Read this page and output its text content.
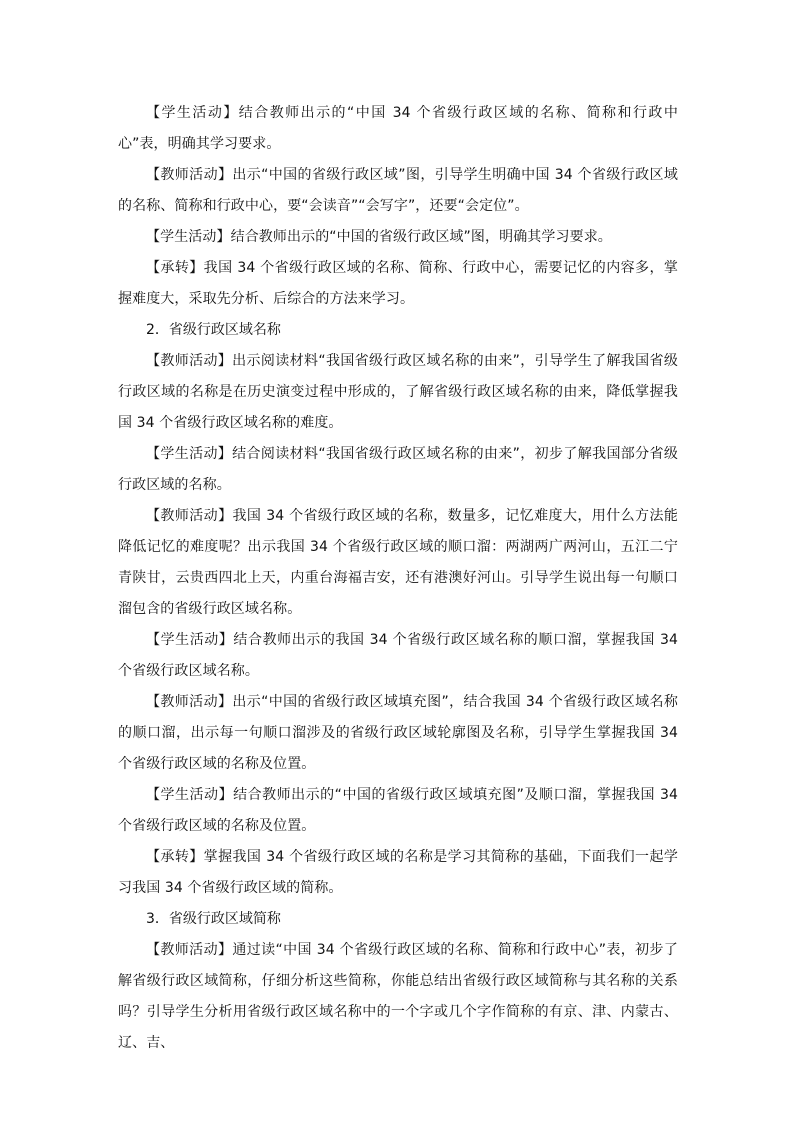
【学生活动】结合教师出示的“中国 34 个省级行政区域的名称、简称和行政中心”表，明确其学习要求。

【教师活动】出示“中国的省级行政区域”图，引导学生明确中国 34 个省级行政区域的名称、简称和行政中心，要“会读音”“会写字”，还要“会定位”。

【学生活动】结合教师出示的“中国的省级行政区域”图，明确其学习要求。

【承转】我国 34 个省级行政区域的名称、简称、行政中心，需要记忆的内容多，掌握难度大，采取先分析、后综合的方法来学习。

2．省级行政区域名称

【教师活动】出示阅读材料“我国省级行政区域名称的由来”，引导学生了解我国省级行政区域的名称是在历史演变过程中形成的，了解省级行政区域名称的由来，降低掌握我国 34 个省级行政区域名称的难度。

【学生活动】结合阅读材料“我国省级行政区域名称的由来”，初步了解我国部分省级行政区域的名称。

【教师活动】我国 34 个省级行政区域的名称，数量多，记忆难度大，用什么方法能降低记忆的难度呢？出示我国 34 个省级行政区域的顺口溜：两湖两广两河山，五江二宁青陕甘，云贵西四北上天，内重台海福吉安，还有港澳好河山。引导学生说出每一句顺口溜包含的省级行政区域名称。

【学生活动】结合教师出示的我国 34 个省级行政区域名称的顺口溜，掌握我国 34 个省级行政区域名称。

【教师活动】出示“中国的省级行政区域填充图”，结合我国 34 个省级行政区域名称的顺口溜，出示每一句顺口溜涉及的省级行政区域轮廓图及名称，引导学生掌握我国 34 个省级行政区域的名称及位置。

【学生活动】结合教师出示的“中国的省级行政区域填充图”及顺口溜，掌握我国 34 个省级行政区域的名称及位置。

【承转】掌握我国 34 个省级行政区域的名称是学习其简称的基础，下面我们一起学习我国 34 个省级行政区域的简称。

3．省级行政区域简称

【教师活动】通过读“中国 34 个省级行政区域的名称、简称和行政中心”表，初步了解省级行政区域简称，仔细分析这些简称，你能总结出省级行政区域简称与其名称的关系吗？引导学生分析用省级行政区域名称中的一个字或几个字作简称的有京、津、内蒙古、辽、吉、
